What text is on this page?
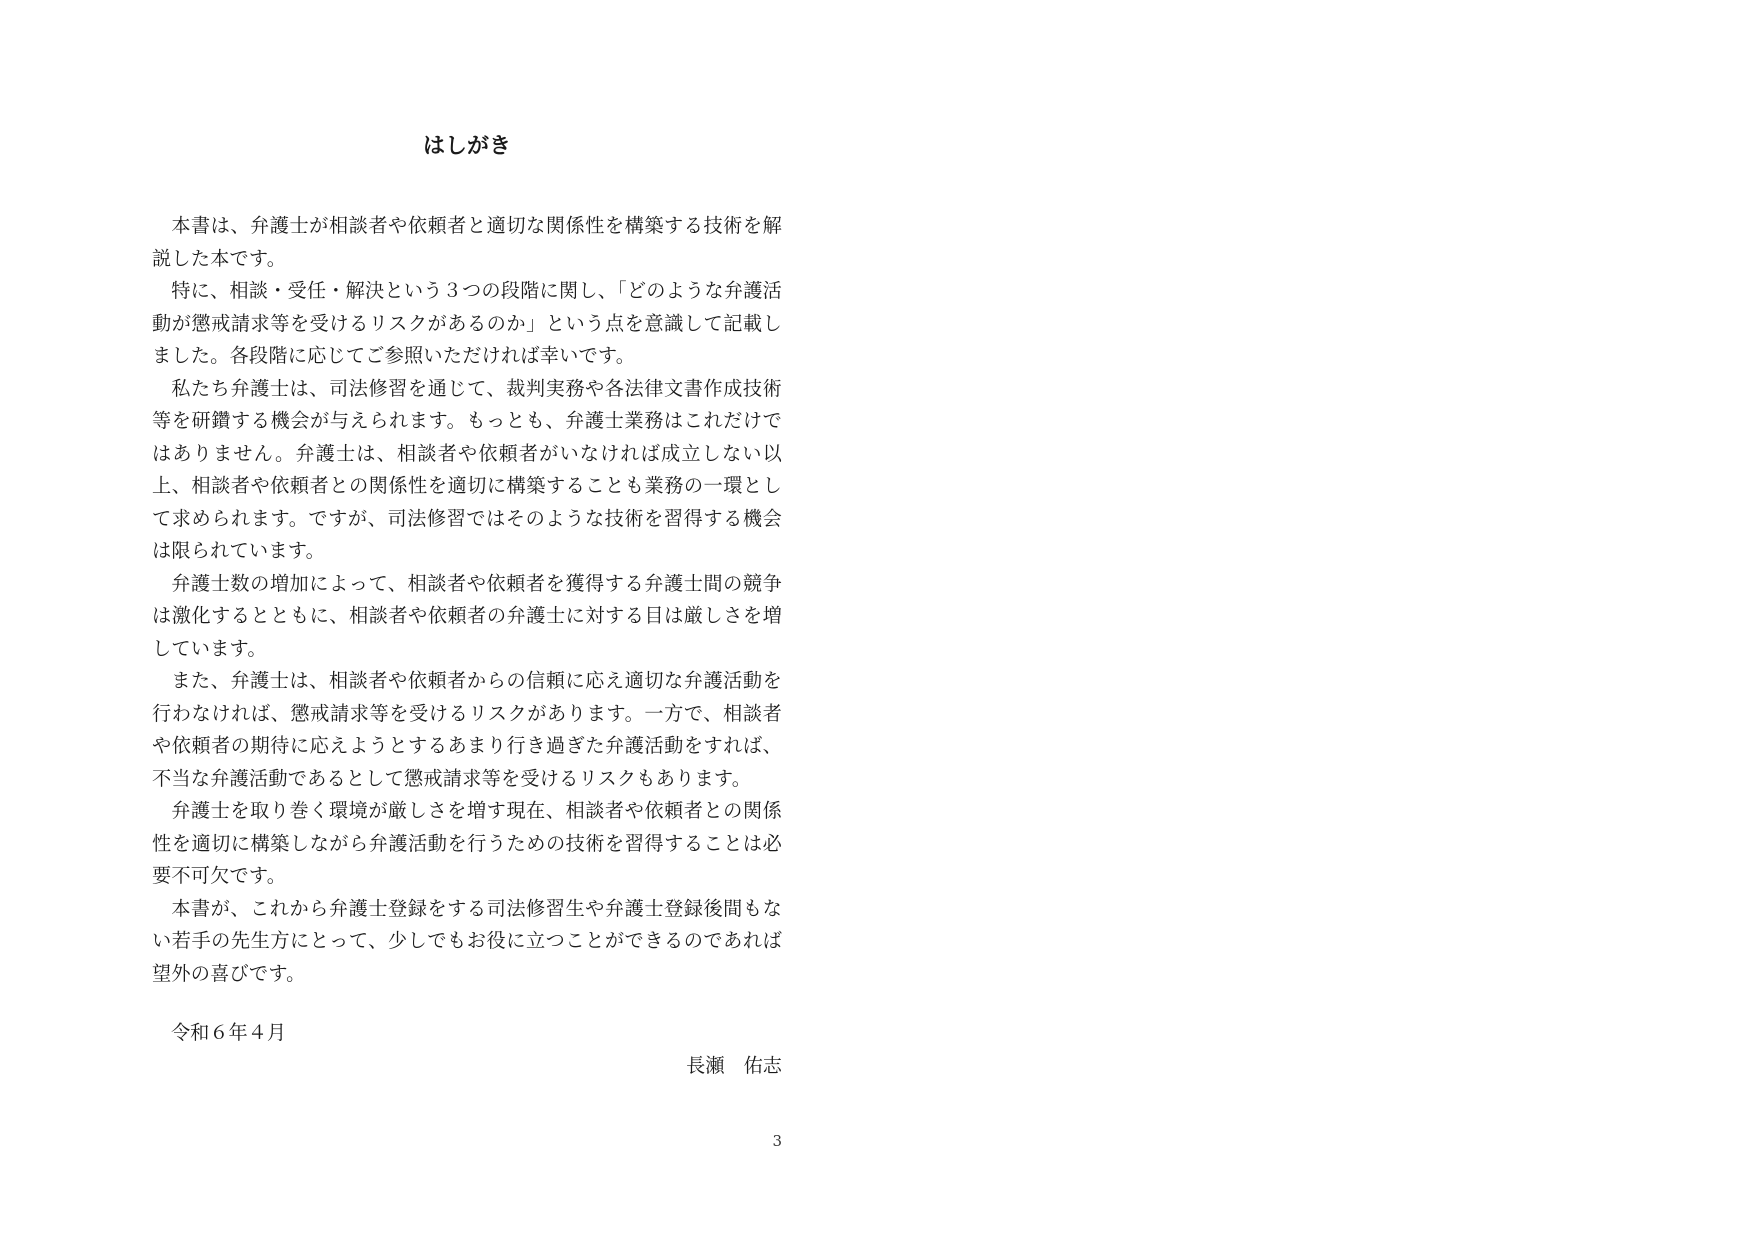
はしがき

本書は、弁護士が相談者や依頼者と適切な関係性を構築する技術を解説した本です。

特に、相談・受任・解決という３つの段階に関し、「どのような弁護活動が懲戒請求等を受けるリスクがあるのか」という点を意識して記載しました。各段階に応じてご参照いただければ幸いです。

私たち弁護士は、司法修習を通じて、裁判実務や各法律文書作成技術等を研鑽する機会が与えられます。もっとも、弁護士業務はこれだけではありません。弁護士は、相談者や依頼者がいなければ成立しない以上、相談者や依頼者との関係性を適切に構築することも業務の一環として求められます。ですが、司法修習ではそのような技術を習得する機会は限られています。

弁護士数の増加によって、相談者や依頼者を獲得する弁護士間の競争は激化するとともに、相談者や依頼者の弁護士に対する目は厳しさを増しています。

また、弁護士は、相談者や依頼者からの信頼に応え適切な弁護活動を行わなければ、懲戒請求等を受けるリスクがあります。一方で、相談者や依頼者の期待に応えようとするあまり行き過ぎた弁護活動をすれば、不当な弁護活動であるとして懲戒請求等を受けるリスクもあります。

弁護士を取り巻く環境が厳しさを増す現在、相談者や依頼者との関係性を適切に構築しながら弁護活動を行うための技術を習得することは必要不可欠です。

本書が、これから弁護士登録をする司法修習生や弁護士登録後間もない若手の先生方にとって、少しでもお役に立つことができるのであれば望外の喜びです。

令和６年４月

長瀬　佑志

3
